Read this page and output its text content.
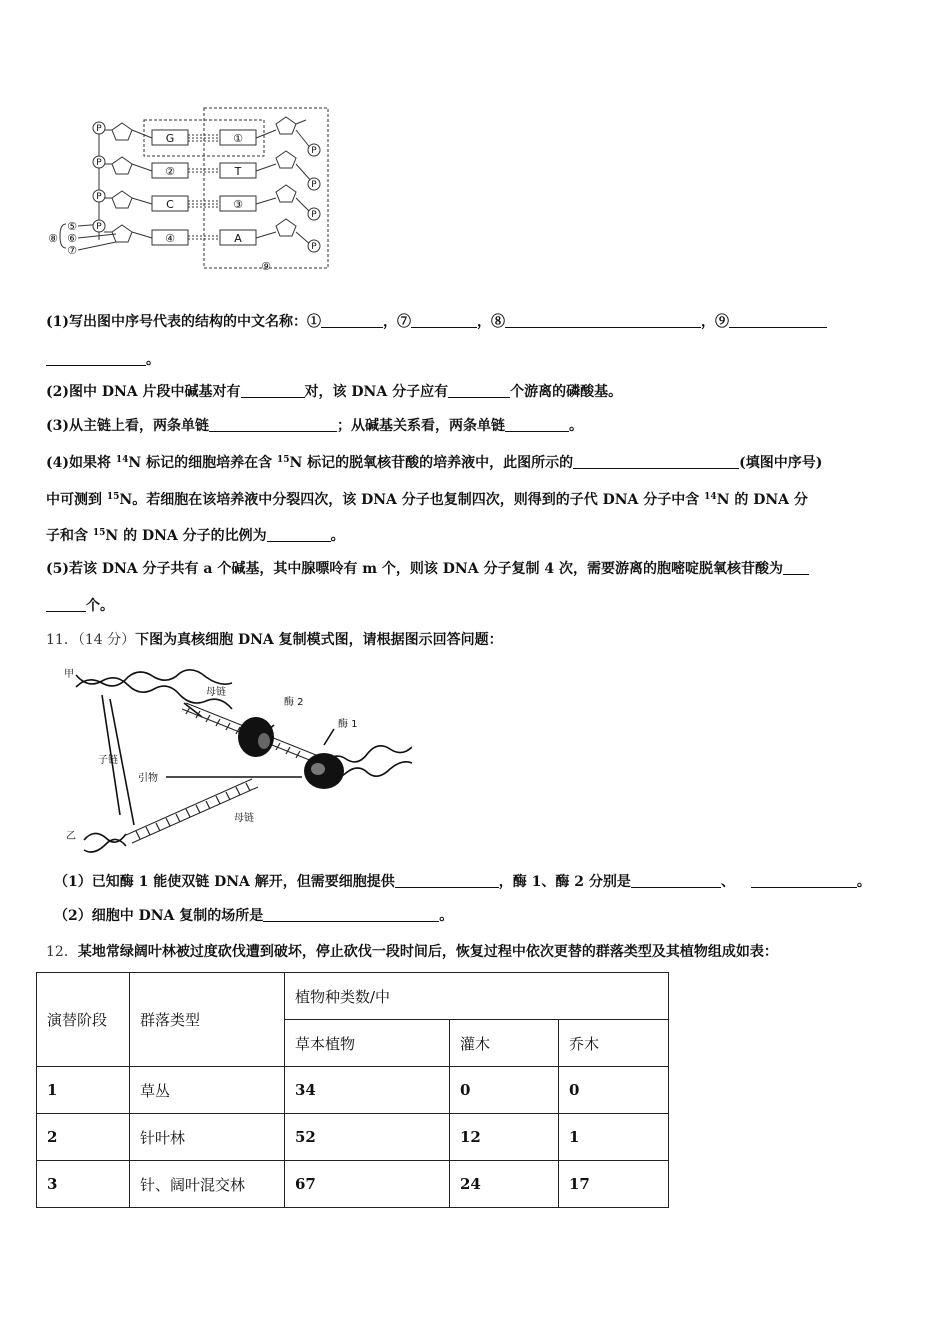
P
P
P
P
P
P
P
P
G
②
C
④
①
T
③
A
⑤
⑥
⑦
⑧
⑨
(1)写出图中序号代表的结构的中文名称：①	，⑦	，⑧	，⑨
。
(2)图中 DNA 片段中碱基对有	对，该 DNA 分子应有	个游离的磷酸基。
(3)从主链上看，两条单链	；从碱基关系看，两条单链	。
(4)如果将 $^{14}$N 标记的细胞培养在含 $^{15}$N 标记的脱氧核苷酸的培养液中，此图所示的	(填图中序号)
中可测到 $^{15}$N。若细胞在该培养液中分裂四次，该 DNA 分子也复制四次，则得到的子代 DNA 分子中含 $^{14}$N 的 DNA 分
子和含 $^{15}$N 的 DNA 分子的比例为	。
(5)若该 DNA 分子共有 a 个碱基，其中腺嘌呤有 m 个，则该 DNA 分子复制 4 次，需要游离的胞嘧啶脱氧核苷酸为
个。
11．（14 分）下图为真核细胞 DNA 复制模式图，请根据图示回答问题：
甲
乙
母链
母链
子链
引物
酶 2
酶 1
（1）已知酶 1 能使双链 DNA 解开，但需要细胞提供	，酶 1、酶 2 分别是	、	。
（2）细胞中 DNA 复制的场所是	。
12．某地常绿阔叶林被过度砍伐遭到破坏，停止砍伐一段时间后，恢复过程中依次更替的群落类型及其植物组成如表：
演替阶段	群落类型	植物种类数/中		
		草本植物	灌木	乔木
1	草丛	34	0	0
2	针叶林	52	12	1
3	针、阔叶混交林	67	24	17
